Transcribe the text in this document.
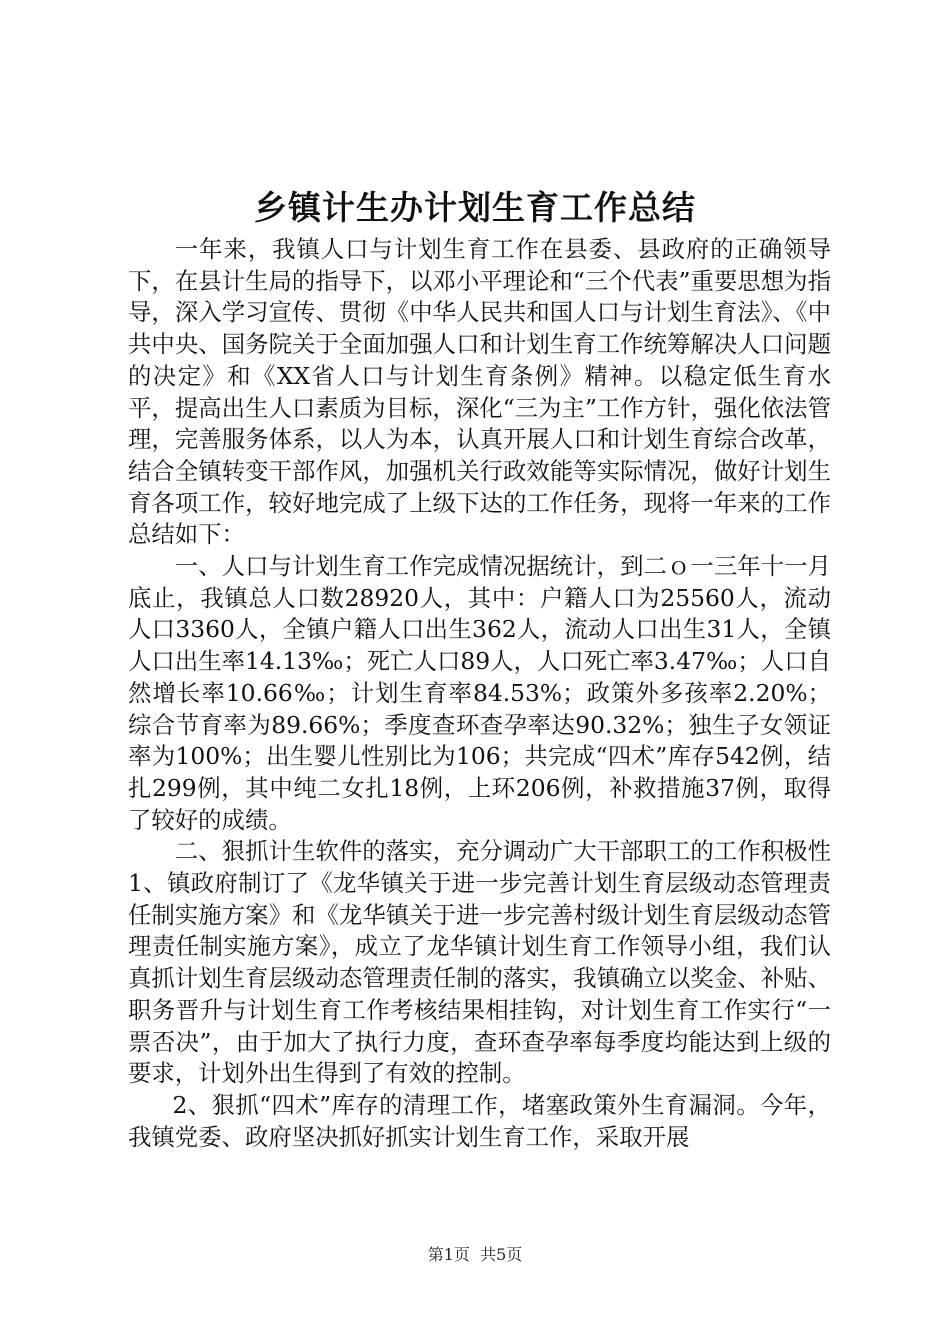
乡镇计生办计划生育工作总结

一年来，我镇人口与计划生育工作在县委、县政府的正确领导下，在县计生局的指导下，以邓小平理论和“三个代表”重要思想为指导，深入学习宣传、贯彻《中华人民共和国人口与计划生育法》、《中共中央、国务院关于全面加强人口和计划生育工作统筹解决人口问题的决定》和《XX省人口与计划生育条例》精神。以稳定低生育水平，提高出生人口素质为目标，深化“三为主”工作方针，强化依法管理，完善服务体系，以人为本，认真开展人口和计划生育综合改革，结合全镇转变干部作风，加强机关行政效能等实际情况，做好计划生育各项工作，较好地完成了上级下达的工作任务，现将一年来的工作总结如下：

一、人口与计划生育工作完成情况据统计，到二ｏ一三年十一月底止，我镇总人口数28920人，其中：户籍人口为25560人，流动人口3360人，全镇户籍人口出生362人，流动人口出生31人，全镇人口出生率14.13‰；死亡人口89人，人口死亡率3.47‰；人口自然增长率10.66‰；计划生育率84.53%；政策外多孩率2.20%；综合节育率为89.66%；季度查环查孕率达90.32%；独生子女领证率为100%；出生婴儿性别比为106；共完成“四术”库存542例，结扎299例，其中纯二女扎18例，上环206例，补救措施37例，取得了较好的成绩。

二、狠抓计生软件的落实，充分调动广大干部职工的工作积极性1、镇政府制订了《龙华镇关于进一步完善计划生育层级动态管理责任制实施方案》和《龙华镇关于进一步完善村级计划生育层级动态管理责任制实施方案》，成立了龙华镇计划生育工作领导小组，我们认真抓计划生育层级动态管理责任制的落实，我镇确立以奖金、补贴、职务晋升与计划生育工作考核结果相挂钩，对计划生育工作实行“一票否决”，由于加大了执行力度，查环查孕率每季度均能达到上级的要求，计划外出生得到了有效的控制。

2、狠抓“四术”库存的清理工作，堵塞政策外生育漏洞。今年，我镇党委、政府坚决抓好抓实计划生育工作，采取开展

第1页  共5页
